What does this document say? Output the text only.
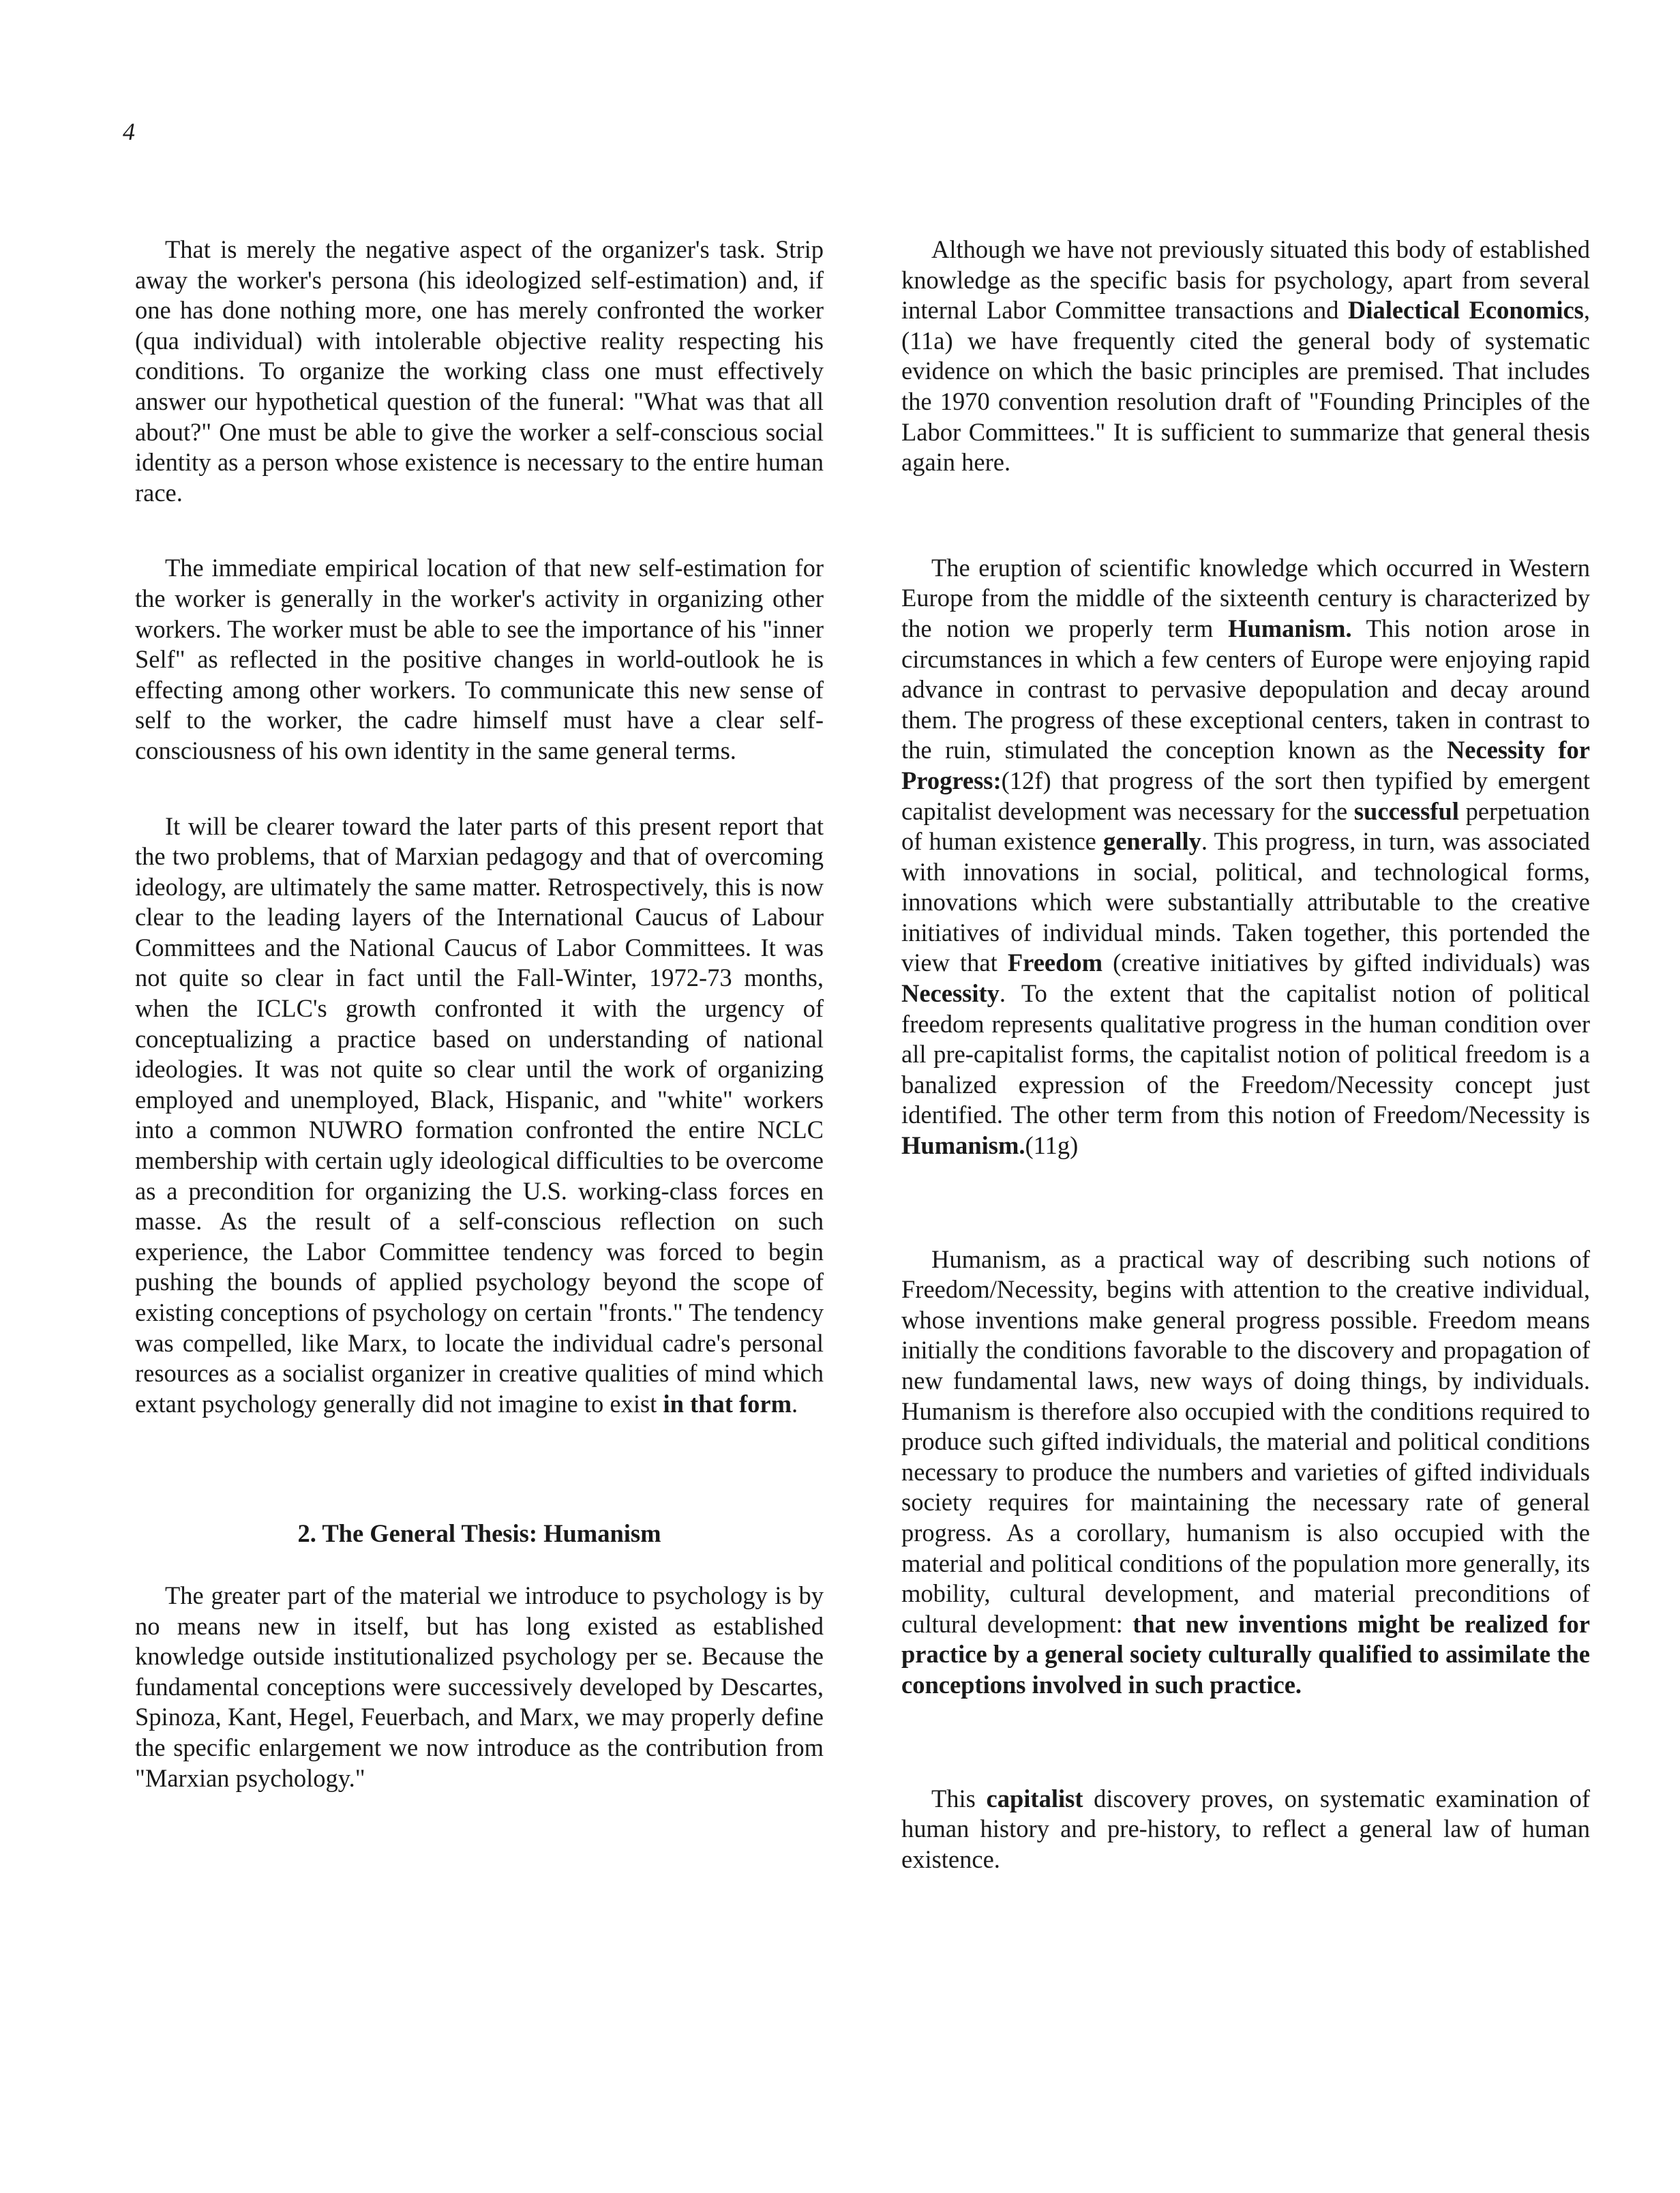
4

That is merely the negative aspect of the organizer's task. Strip away the worker's persona (his ideologized self-estimation) and, if one has done nothing more, one has merely confronted the worker (qua individual) with intolerable objective reality respecting his conditions. To organize the working class one must effectively answer our hypothetical question of the funeral: "What was that all about?" One must be able to give the worker a self-conscious social identity as a person whose existence is necessary to the entire human race.

The immediate empirical location of that new self-estimation for the worker is generally in the worker's activity in organizing other workers. The worker must be able to see the importance of his "inner Self" as reflected in the positive changes in world-outlook he is effecting among other workers. To communicate this new sense of self to the worker, the cadre himself must have a clear self-consciousness of his own identity in the same general terms.

It will be clearer toward the later parts of this present report that the two problems, that of Marxian pedagogy and that of overcoming ideology, are ultimately the same matter. Retrospectively, this is now clear to the leading layers of the International Caucus of Labour Committees and the National Caucus of Labor Committees. It was not quite so clear in fact until the Fall-Winter, 1972-73 months, when the ICLC's growth confronted it with the urgency of conceptualizing a practice based on understanding of national ideologies. It was not quite so clear until the work of organizing employed and unemployed, Black, Hispanic, and "white" workers into a common NUWRO formation confronted the entire NCLC membership with certain ugly ideological difficulties to be overcome as a precondition for organizing the U.S. working-class forces en masse. As the result of a self-conscious reflection on such experience, the Labor Committee tendency was forced to begin pushing the bounds of applied psychology beyond the scope of existing conceptions of psychology on certain "fronts." The tendency was compelled, like Marx, to locate the individual cadre's personal resources as a socialist organizer in creative qualities of mind which extant psychology generally did not imagine to exist in that form.

2. The General Thesis: Humanism

The greater part of the material we introduce to psychology is by no means new in itself, but has long existed as established knowledge outside institutionalized psychology per se. Because the fundamental conceptions were successively developed by Descartes, Spinoza, Kant, Hegel, Feuerbach, and Marx, we may properly define the specific enlargement we now introduce as the contribution from "Marxian psychology."

Although we have not previously situated this body of established knowledge as the specific basis for psychology, apart from several internal Labor Committee transactions and Dialectical Economics,(11a) we have frequently cited the general body of systematic evidence on which the basic principles are premised. That includes the 1970 convention resolution draft of "Founding Principles of the Labor Committees." It is sufficient to summarize that general thesis again here.

The eruption of scientific knowledge which occurred in Western Europe from the middle of the sixteenth century is characterized by the notion we properly term Humanism. This notion arose in circumstances in which a few centers of Europe were enjoying rapid advance in contrast to pervasive depopulation and decay around them. The progress of these exceptional centers, taken in contrast to the ruin, stimulated the conception known as the Necessity for Progress:(12f) that progress of the sort then typified by emergent capitalist development was necessary for the successful perpetuation of human existence generally. This progress, in turn, was associated with innovations in social, political, and technological forms, innovations which were substantially attributable to the creative initiatives of individual minds. Taken together, this portended the view that Freedom (creative initiatives by gifted individuals) was Necessity. To the extent that the capitalist notion of political freedom represents qualitative progress in the human condition over all pre-capitalist forms, the capitalist notion of political freedom is a banalized expression of the Freedom/Necessity concept just identified. The other term from this notion of Freedom/Necessity is Humanism.(11g)

Humanism, as a practical way of describing such notions of Freedom/Necessity, begins with attention to the creative individual, whose inventions make general progress possible. Freedom means initially the conditions favorable to the discovery and propagation of new fundamental laws, new ways of doing things, by individuals. Humanism is therefore also occupied with the conditions required to produce such gifted individuals, the material and political conditions necessary to produce the numbers and varieties of gifted individuals society requires for maintaining the necessary rate of general progress. As a corollary, humanism is also occupied with the material and political conditions of the population more generally, its mobility, cultural development, and material preconditions of cultural development: that new inventions might be realized for practice by a general society culturally qualified to assimilate the conceptions involved in such practice.

This capitalist discovery proves, on systematic examination of human history and pre-history, to reflect a general law of human existence.
